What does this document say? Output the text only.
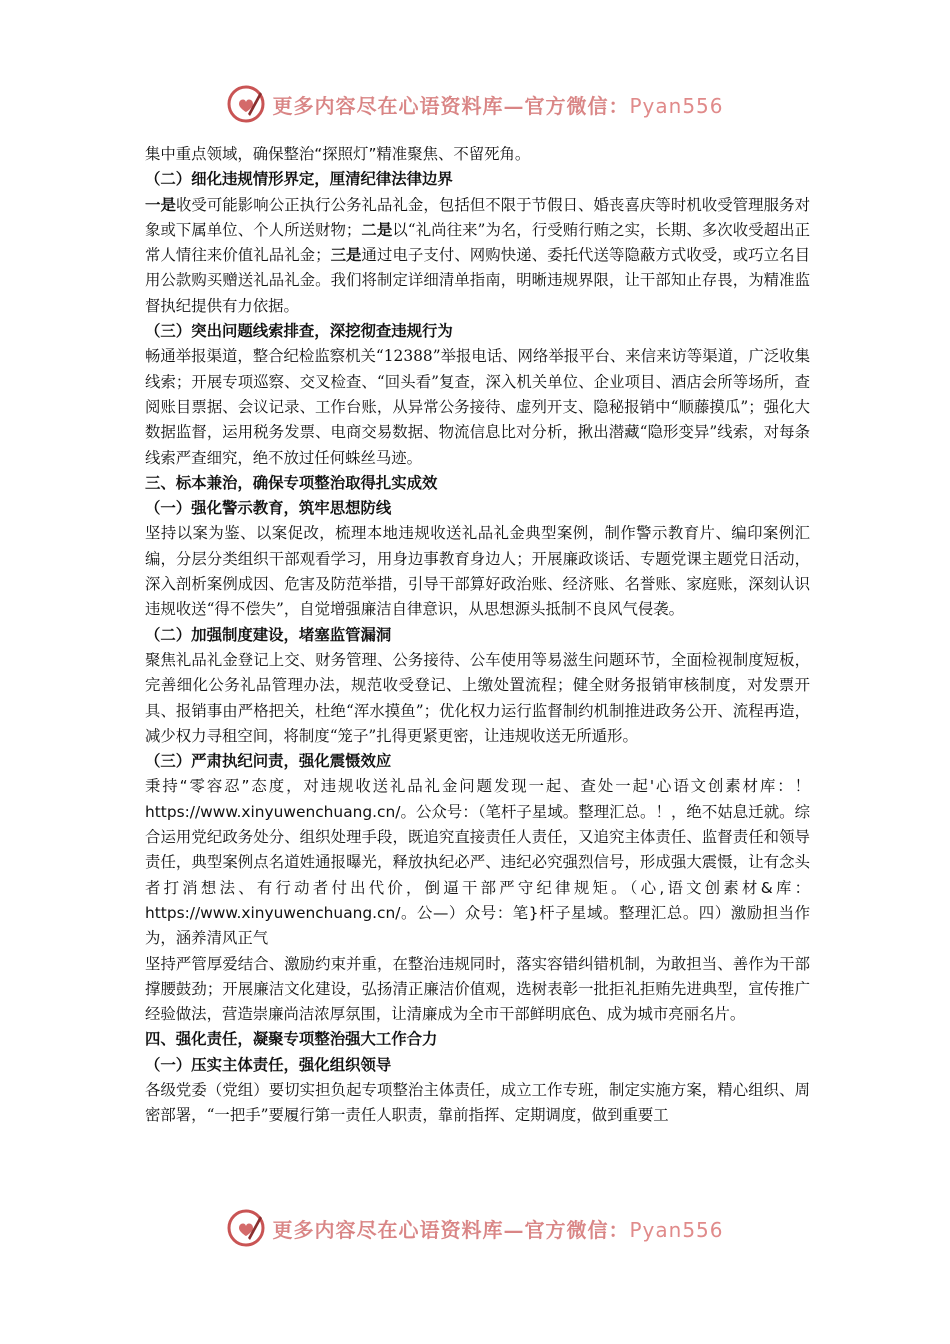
更多内容尽在心语资料库—官方微信：Pyan556
集中重点领域，确保整治“探照灯”精准聚焦、不留死角。
（二）细化违规情形界定，厘清纪律法律边界
一是收受可能影响公正执行公务礼品礼金，包括但不限于节假日、婚丧喜庆等时机收受管理服务对象或下属单位、个人所送财物；二是以“礼尚往来”为名，行受贿行贿之实，长期、多次收受超出正常人情往来价值礼品礼金；三是通过电子支付、网购快递、委托代送等隐蔽方式收受，或巧立名目用公款购买赠送礼品礼金。我们将制定详细清单指南，明晰违规界限，让干部知止存畏，为精准监督执纪提供有力依据。
（三）突出问题线索排查，深挖彻查违规行为
畅通举报渠道，整合纪检监察机关“12388”举报电话、网络举报平台、来信来访等渠道，广泛收集线索；开展专项巡察、交叉检查、“回头看”复查，深入机关单位、企业项目、酒店会所等场所，查阅账目票据、会议记录、工作台账，从异常公务接待、虚列开支、隐秘报销中“顺藤摸瓜”；强化大数据监督，运用税务发票、电商交易数据、物流信息比对分析，揪出潜藏“隐形变异”线索，对每条线索严查细究，绝不放过任何蛛丝马迹。
三、标本兼治，确保专项整治取得扎实成效
（一）强化警示教育，筑牢思想防线
坚持以案为鉴、以案促改，梳理本地违规收送礼品礼金典型案例，制作警示教育片、编印案例汇编，分层分类组织干部观看学习，用身边事教育身边人；开展廉政谈话、专题党课主题党日活动，深入剖析案例成因、危害及防范举措，引导干部算好政治账、经济账、名誉账、家庭账，深刻认识违规收送“得不偿失”，自觉增强廉洁自律意识，从思想源头抵制不良风气侵袭。
（二）加强制度建设，堵塞监管漏洞
聚焦礼品礼金登记上交、财务管理、公务接待、公车使用等易滋生问题环节，全面检视制度短板，完善细化公务礼品管理办法，规范收受登记、上缴处置流程；健全财务报销审核制度，对发票开具、报销事由严格把关，杜绝“浑水摸鱼”；优化权力运行监督制约机制推进政务公开、流程再造，减少权力寻租空间，将制度“笼子”扎得更紧更密，让违规收送无所遁形。
（三）严肃执纪问责，强化震慑效应
秉持“零容忍”态度，对违规收送礼品礼金问题发现一起、查处一起'心语文创素材库：！https://www.xinyuwenchuang.cn/。公众号：（笔杆子星域。整理汇总。！，绝不姑息迁就。综合运用党纪政务处分、组织处理手段，既追究直接责任人责任，又追究主体责任、监督责任和领导责任，典型案例点名道姓通报曝光，释放执纪必严、违纪必究强烈信号，形成强大震慑，让有念头者打消想法、有行动者付出代价，倒逼干部严守纪律规矩。（心,语文创素材&库：https://www.xinyuwenchuang.cn/。公—）众号：笔}杆子星域。整理汇总。四）激励担当作为，涵养清风正气
坚持严管厚爱结合、激励约束并重，在整治违规同时，落实容错纠错机制，为敢担当、善作为干部撑腰鼓劲；开展廉洁文化建设，弘扬清正廉洁价值观，选树表彰一批拒礼拒贿先进典型，宣传推广经验做法，营造崇廉尚洁浓厚氛围，让清廉成为全市干部鲜明底色、成为城市亮丽名片。
四、强化责任，凝聚专项整治强大工作合力
（一）压实主体责任，强化组织领导
各级党委（党组）要切实担负起专项整治主体责任，成立工作专班，制定实施方案，精心组织、周密部署，“一把手”要履行第一责任人职责，靠前指挥、定期调度，做到重要工
更多内容尽在心语资料库—官方微信：Pyan556
